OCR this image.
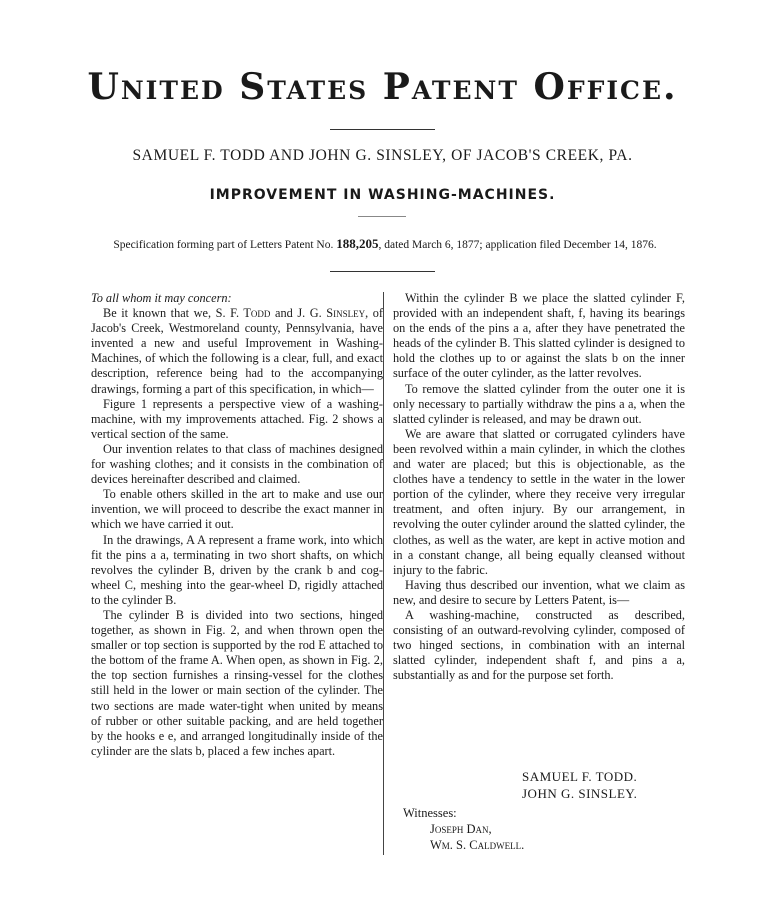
United States Patent Office.

SAMUEL F. TODD AND JOHN G. SINSLEY, OF JACOB'S CREEK, PA.

IMPROVEMENT IN WASHING-MACHINES.

Specification forming part of Letters Patent No. 188,205, dated March 6, 1877; application filed December 14, 1876.

To all whom it may concern:

Be it known that we, S. F. Todd and J. G. Sinsley, of Jacob's Creek, Westmoreland county, Pennsylvania, have invented a new and useful Improvement in Washing-Machines, of which the following is a clear, full, and exact description, reference being had to the accompanying drawings, forming a part of this specification, in which—

Figure 1 represents a perspective view of a washing-machine, with my improvements attached. Fig. 2 shows a vertical section of the same.

Our invention relates to that class of machines designed for washing clothes; and it consists in the combination of devices hereinafter described and claimed.

To enable others skilled in the art to make and use our invention, we will proceed to describe the exact manner in which we have carried it out.

In the drawings, A A represent a frame work, into which fit the pins a a, terminating in two short shafts, on which revolves the cylinder B, driven by the crank b and cog-wheel C, meshing into the gear-wheel D, rigidly attached to the cylinder B.

The cylinder B is divided into two sections, hinged together, as shown in Fig. 2, and when thrown open the smaller or top section is supported by the rod E attached to the bottom of the frame A. When open, as shown in Fig. 2, the top section furnishes a rinsing-vessel for the clothes still held in the lower or main section of the cylinder. The two sections are made water-tight when united by means of rubber or other suitable packing, and are held together by the hooks e e, and arranged longitudinally inside of the cylinder are the slats b, placed a few inches apart.

Within the cylinder B we place the slatted cylinder F, provided with an independent shaft, f, having its bearings on the ends of the pins a a, after they have penetrated the heads of the cylinder B. This slatted cylinder is designed to hold the clothes up to or against the slats b on the inner surface of the outer cylinder, as the latter revolves.

To remove the slatted cylinder from the outer one it is only necessary to partially withdraw the pins a a, when the slatted cylinder is released, and may be drawn out.

We are aware that slatted or corrugated cylinders have been revolved within a main cylinder, in which the clothes and water are placed; but this is objectionable, as the clothes have a tendency to settle in the water in the lower portion of the cylinder, where they receive very irregular treatment, and often injury. By our arrangement, in revolving the outer cylinder around the slatted cylinder, the clothes, as well as the water, are kept in active motion and in a constant change, all being equally cleansed without injury to the fabric.

Having thus described our invention, what we claim as new, and desire to secure by Letters Patent, is—

A washing-machine, constructed as described, consisting of an outward-revolving cylinder, composed of two hinged sections, in combination with an internal slatted cylinder, independent shaft f, and pins a a, substantially as and for the purpose set forth.

SAMUEL F. TODD.
JOHN G. SINSLEY.
Witnesses:
Joseph Dan,
Wm. S. Caldwell.
